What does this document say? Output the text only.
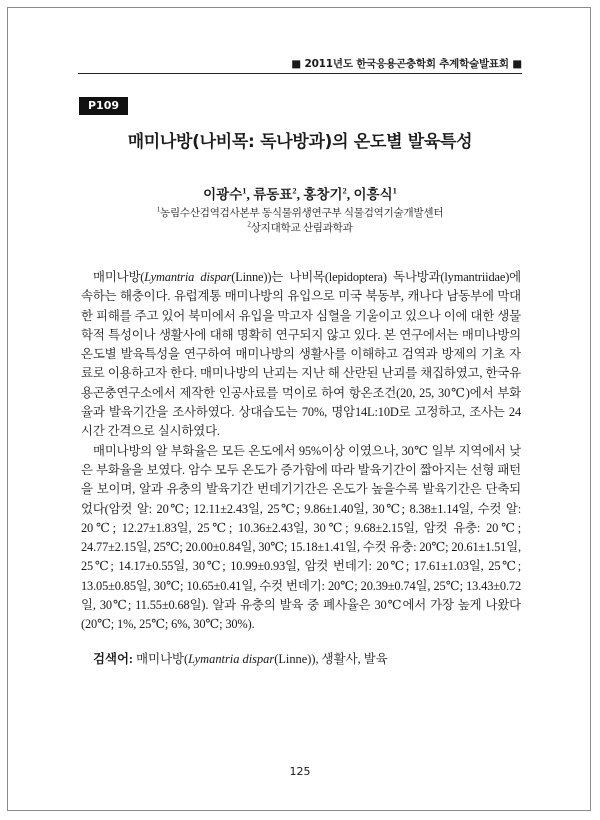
■ 2011년도 한국응용곤충학회 추계학술발표회 ■
P109
매미나방(나비목: 독나방과)의 온도별 발육특성
이광수$^1$, 류동표$^2$, 홍창기$^2$, 이흥식$^1$
$^1$농림수산검역검사본부 동식물위생연구부 식물검역기술개발센터
$^2$상지대학교 산림과학과

매미나방(Lymantria dispar(Linne))는 나비목(lepidoptera) 독나방과(lymantriidae)에 속하는 해충이다. 유럽계통 매미나방의 유입으로 미국 북동부, 캐나다 남동부에 막대한 피해를 주고 있어 북미에서 유입을 막고자 심혈을 기울이고 있으나 이에 대한 생물학적 특성이나 생활사에 대해 명확히 연구되지 않고 있다. 본 연구에서는 매미나방의 온도별 발육특성을 연구하여 매미나방의 생활사를 이해하고 검역과 방제의 기초 자료로 이용하고자 한다. 매미나방의 난괴는 지난 해 산란된 난괴를 채집하였고, 한국유용곤충연구소에서 제작한 인공사료를 먹이로 하여 항온조건(20, 25, 30℃)에서 부화율과 발육기간을 조사하였다. 상대습도는 70%, 명암14L:10D로 고정하고, 조사는 24시간 간격으로 실시하였다.

매미나방의 알 부화율은 모든 온도에서 95%이상 이였으나, 30℃ 일부 지역에서 낮은 부화율을 보였다. 암수 모두 온도가 증가함에 따라 발육기간이 짧아지는 선형 패턴을 보이며, 알과 유충의 발육기간 번데기기간은 온도가 높을수록 발육기간은 단축되었다(암컷 알: 20℃; 12.11±2.43일, 25℃; 9.86±1.40일, 30℃; 8.38±1.14일, 수컷 알: 20℃; 12.27±1.83일, 25℃; 10.36±2.43일, 30℃; 9.68±2.15일, 암컷 유충: 20℃; 24.77±2.15일, 25℃; 20.00±0.84일, 30℃; 15.18±1.41일, 수컷 유충: 20℃; 20.61±1.51일, 25℃; 14.17±0.55일, 30℃; 10.99±0.93일, 암컷 번데기: 20℃; 17.61±1.03일, 25℃; 13.05±0.85일, 30℃; 10.65±0.41일, 수컷 번데기: 20℃; 20.39±0.74일, 25℃; 13.43±0.72일, 30℃; 11.55±0.68일). 알과 유충의 발육 중 폐사율은 30℃에서 가장 높게 나왔다(20℃; 1%, 25℃; 6%, 30℃; 30%).

검색어: 매미나방(Lymantria dispar(Linne)), 생활사, 발육
125
